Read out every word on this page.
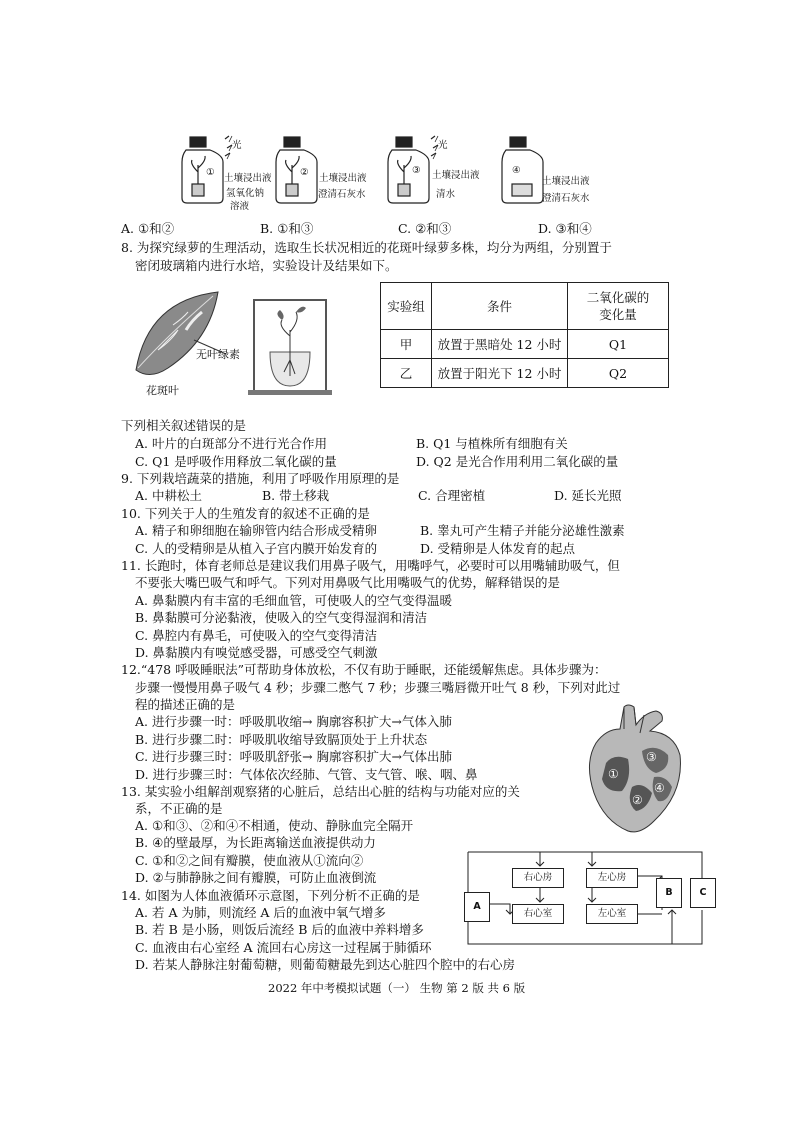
光
①
土壤浸出液
氢氧化钠
溶液
②
土壤浸出液
澄清石灰水
光
③ 土壤浸出液
清水
④
土壤浸出液
澄清石灰水
A. ①和②	B. ①和③	C. ②和③	D. ③和④
8. 为探究绿萝的生理活动，选取生长状况相近的花斑叶绿萝多株，均分为两组，分别置于
密闭玻璃箱内进行水培，实验设计及结果如下。
无叶绿素
花斑叶
实验组	条件	二氧化碳的
变化量
甲	放置于黑暗处 12 小时	Q1
乙	放置于阳光下 12 小时	Q2
下列相关叙述错误的是
A. 叶片的白斑部分不进行光合作用	B. Q1 与植株所有细胞有关
C. Q1 是呼吸作用释放二氧化碳的量	D. Q2 是光合作用利用二氧化碳的量
9. 下列栽培蔬菜的措施，利用了呼吸作用原理的是
A. 中耕松土	B. 带土移栽	C. 合理密植	D. 延长光照
10. 下列关于人的生殖发育的叙述不正确的是
A. 精子和卵细胞在输卵管内结合形成受精卵	B. 睾丸可产生精子并能分泌雄性激素
C. 人的受精卵是从植入子宫内膜开始发育的	D. 受精卵是人体发育的起点
11. 长跑时，体育老师总是建议我们用鼻子吸气，用嘴呼气，必要时可以用嘴辅助吸气，但
不要张大嘴巴吸气和呼气。下列对用鼻吸气比用嘴吸气的优势，解释错误的是
A. 鼻黏膜内有丰富的毛细血管，可使吸人的空气变得温暖
B. 鼻黏膜可分泌黏液，使吸入的空气变得湿润和清洁
C. 鼻腔内有鼻毛，可使吸入的空气变得清洁
D. 鼻黏膜内有嗅觉感受器，可感受空气刺激
12.“478 呼吸睡眠法”可帮助身体放松，不仅有助于睡眠，还能缓解焦虑。具体步骤为：
步骤一慢慢用鼻子吸气 4 秒；步骤二憋气 7 秒；步骤三嘴唇微开吐气 8 秒，下列对此过
程的描述正确的是
A. 进行步骤一时：呼吸肌收缩→ 胸廓容积扩大→气体入肺
B. 进行步骤二时：呼吸肌收缩导致膈顶处于上升状态
C. 进行步骤三时：呼吸肌舒张→ 胸廓容积扩大→气体出肺
D. 进行步骤三时：气体依次经肺、气管、支气管、喉、咽、鼻	①
②
③
④
13. 某实验小组解剖观察猪的心脏后，总结出心脏的结构与功能对应的关
系，不正确的是
A. ①和③、②和④不相通，使动、静脉血完全隔开
B. ④的壁最厚，为长距离输送血液提供动力
C. ①和②之间有瓣膜，使血液从①流向②
D. ②与肺静脉之间有瓣膜，可防止血液倒流	右心房
右心室
左心房
左心室
A
B	C
14. 如图为人体血液循环示意图，下列分析不正确的是
A. 若 A 为肺，则流经 A 后的血液中氧气增多
B. 若 B 是小肠，则饭后流经 B 后的血液中养料增多
C. 血液由右心室经 A 流回右心房这一过程属于肺循环
D. 若某人静脉注射葡萄糖，则葡萄糖最先到达心脏四个腔中的右心房
2022 年中考模拟试题（一） 生物 第 2 版 共 6 版
